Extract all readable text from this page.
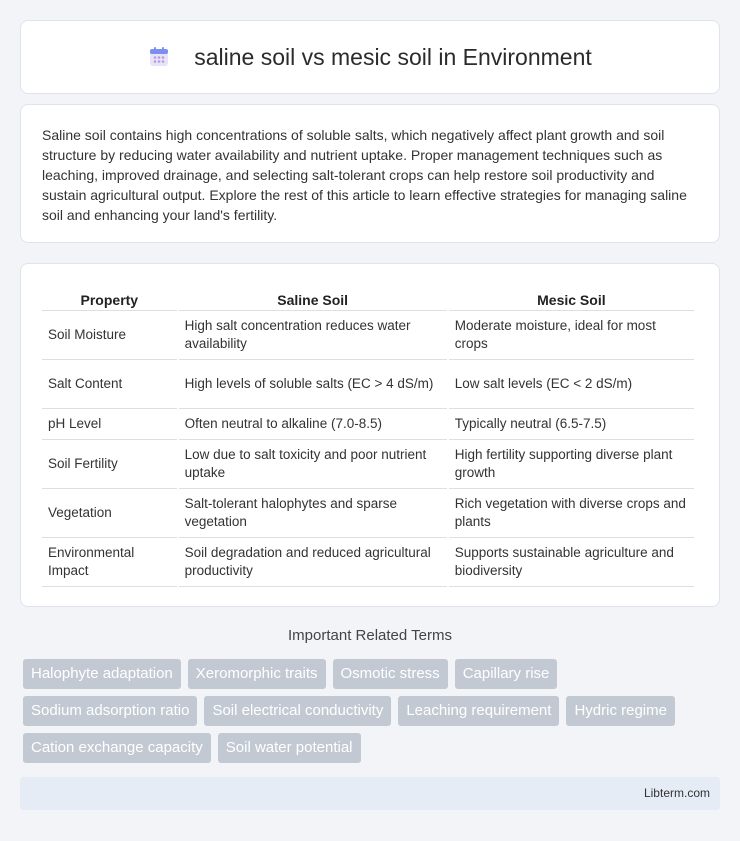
saline soil vs mesic soil in Environment

Saline soil contains high concentrations of soluble salts, which negatively affect plant growth and soil structure by reducing water availability and nutrient uptake. Proper management techniques such as leaching, improved drainage, and selecting salt-tolerant crops can help restore soil productivity and sustain agricultural output. Explore the rest of this article to learn effective strategies for managing saline soil and enhancing your land's fertility.

Property	Saline Soil	Mesic Soil
Soil Moisture	High salt concentration reduces water availability	Moderate moisture, ideal for most crops
Salt Content	High levels of soluble salts (EC > 4 dS/m)	Low salt levels (EC < 2 dS/m)
pH Level	Often neutral to alkaline (7.0-8.5)	Typically neutral (6.5-7.5)
Soil Fertility	Low due to salt toxicity and poor nutrient uptake	High fertility supporting diverse plant growth
Vegetation	Salt-tolerant halophytes and sparse vegetation	Rich vegetation with diverse crops and plants
Environmental Impact	Soil degradation and reduced agricultural productivity	Supports sustainable agriculture and biodiversity
Important Related Terms
Halophyte adaptation	Xeromorphic traits	Osmotic stress	Capillary rise
Sodium adsorption ratio	Soil electrical conductivity	Leaching requirement	Hydric regime
Cation exchange capacity	Soil water potential
Libterm.com
